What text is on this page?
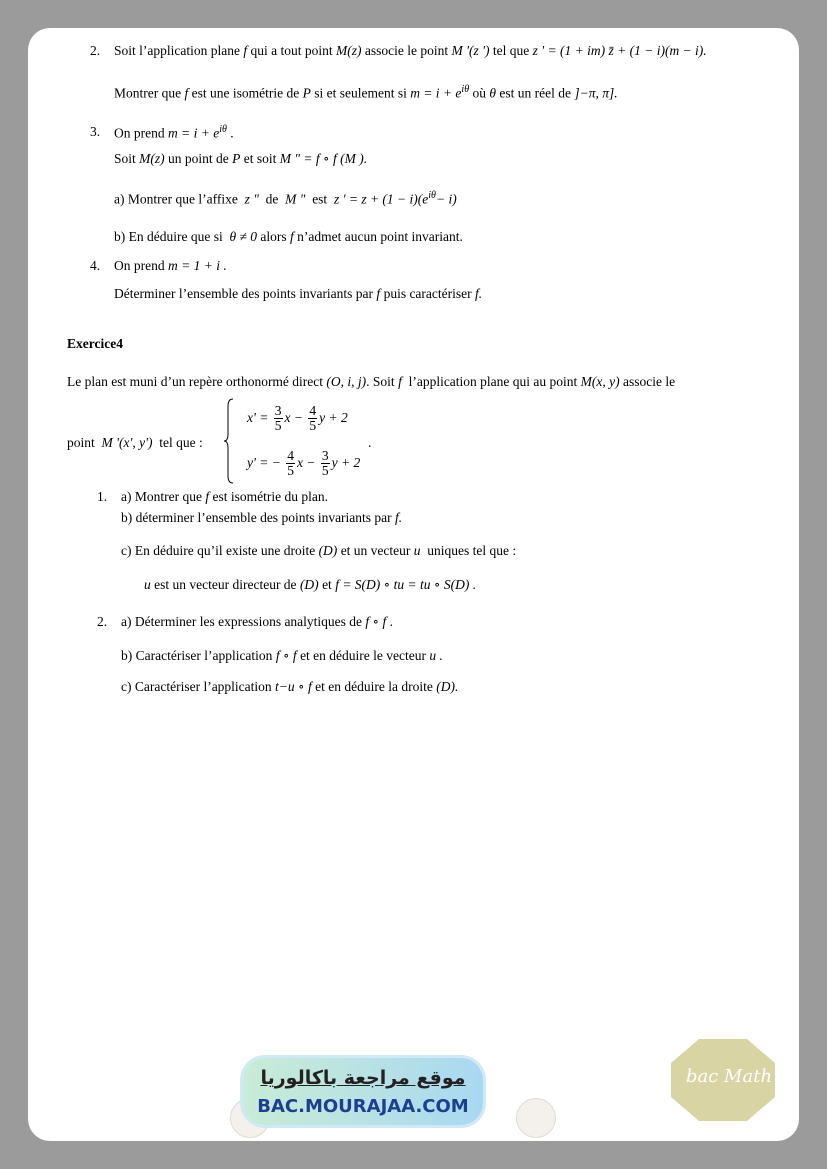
2. Soit l’application plane f qui a tout point M(z) associe le point M '(z ') tel que z ' = (1 + im) z̄ + (1 − i)(m − i).
Montrer que f est une isométrie de P si et seulement si $m = i + e^{i\theta}$ où θ est un réel de ]−π, π].
3. On prend $m = i + e^{i\theta}$ .
Soit M(z) un point de P et soit M " = f ∘ f (M ).
a) Montrer que l’affixe z " de M " est z ' = $z + (1 - i)(e^{i\theta}- i)$
b) En déduire que si θ ≠ 0 alors f n’admet aucun point invariant.
4. On prend m = 1 + i .
Déterminer l’ensemble des points invariants par f puis caractériser f.
Exercice4
Le plan est muni d’un repère orthonormé direct (O, i, j). Soit f l’application plane qui au point M(x, y) associe le
point M '(x', y') tel que :
$x' = \frac{3}{5}$ $x - \frac{4}{5}$ y + 2
y' = − $\frac{4}{5}$ $x - \frac{3}{5}$ y + 2
.
1. a) Montrer que f est isométrie du plan.
b) déterminer l’ensemble des points invariants par f.
c) En déduire qu’il existe une droite (D) et un vecteur u uniques tel que :
u est un vecteur directeur de (D) et f = S(D) ∘ tu = tu ∘ S(D) .
2. a) Déterminer les expressions analytiques de f ∘ f .
b) Caractériser l’application f ∘ f et en déduire le vecteur u .
c) Caractériser l’application t−u ∘ f et en déduire la droite (D).
موقع مراجعة باكالوريا
BAC.MOURAJAA.COM
bac Math
